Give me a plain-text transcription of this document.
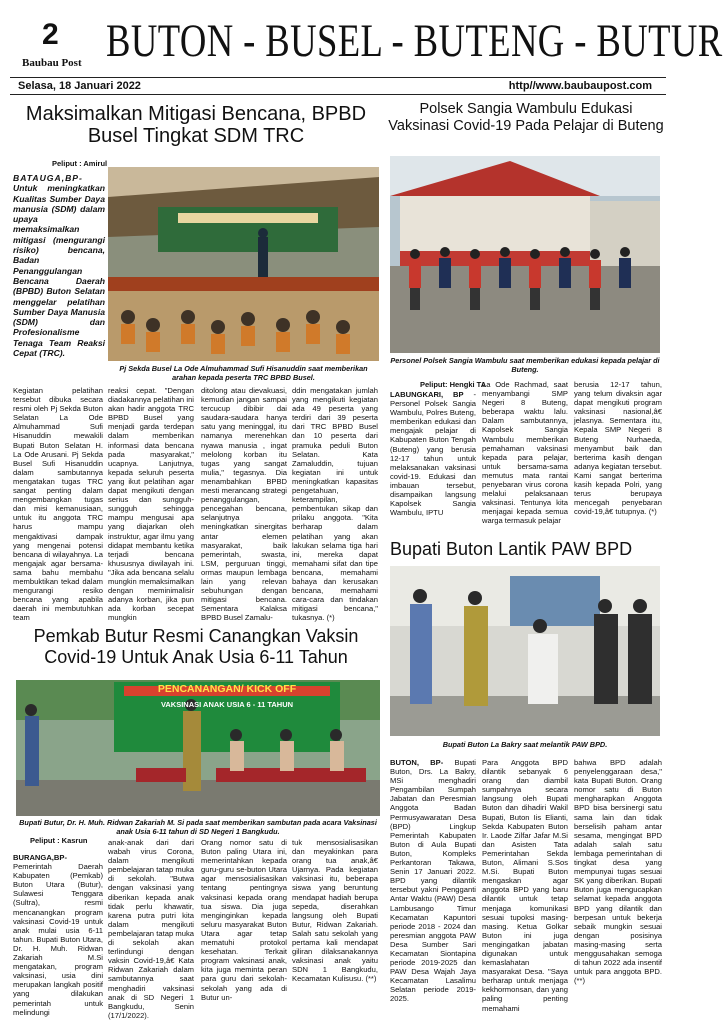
2
Baubau Post BUTON - BUSEL - BUTENG - BUTUR
Selasa, 18 Januari 2022	http//www.baubaupost.com
Maksimalkan Mitigasi Bencana, BPBD Busel Tingkat SDM TRC
Peliput : Amirul
BATAUGA,BP- Untuk meningkatkan Kualitas Sumber Daya manusia (SDM) dalam upaya memaksimalkan mitigasi (mengurangi risiko) bencana, Badan Penanggulangan Bencana Daerah (BPBD) Buton Selatan menggelar pelatihan Sumber Daya Manusia (SDM) dan Profesionalisme Tenaga Team Reaksi Cepat (TRC).
Pj Sekda Busel La Ode Almuhammad Sufi Hisanuddin saat memberikan arahan kepada peserta TRC BPBD Busel.
Kegiatan pelatihan tersebut dibuka secara resmi oleh Pj Sekda Buton Selatan La Ode Almuhammad Sufi Hisanuddin mewakili Bupati Buton Selatan H. La Ode Arusani. Pj Sekda Busel Sufi Hisanuddin dalam sambutannya mengatakan tugas TRC sangat penting dalam mengembangkan tugas dan misi kemanusiaan, untuk itu anggota TRC harus mampu mengaktivasi dampak yang mengenai potensi bencana di wilayahnya. La mengajak agar bersama-sama bahu membahu membuktikan tekad dalam mengurangi resiko bencana yang apabila daerah ini membutuhkan team
reaksi cepat. "Dengan diadakannya pelatihan ini akan hadir anggota TRC BPBD Busel yang menjadi garda terdepan dalam memberikan informasi data bencana pada masyarakat," ucapnya. Lanjutnya, kepada seluruh peserta yang ikut pelatihan agar dapat mengikuti dengan serius dan sungguh-sungguh sehingga mampu mengusai apa yang diajarkan oleh instruktur, agar ilmu yang didapat membantu ketika terjadi bencana khususnya diwilayah ini. "Jika ada bencana selalu mungkin memaksimalkan dengan meminimalisir adanya korban, jika pun ada korban secepat mungkin
ditolong atau dievakuasi, kemudian jangan sampai tercucup dibibir dai saudara-saudara hanya satu yang meninggal, itu namanya merenehkan nyawa manusia , ingat melolong korban itu tugas yang sangat mulia," tegasnya. Dia menambahkan BPBD mesti merancang strategi penanggulangan, pencegahan bencana, selanjutnya meningkatkan sinergitas antar elemen masyarakat, baik pemerintah, swasta, LSM, perguruan tinggi, ormas maupun lembaga lain yang relevan sebuhungan dengan mitigasi bencana. Sementara Kalaksa BPBD Busel Zamalu-
ddin mengatakan jumlah yang mengikuti kegiatan ada 49 peserta yang terdiri dari 39 peserta dari TRC BPBD Busel dan 10 peserta dari pramuka peduli Buton Selatan. Kata Zamaluddin, tujuan kegiatan ini untuk meningkatkan kapasitas pengetahuan, keterampilan, pembentukan sikap dan prilaku anggota. "Kita berharap dalam pelatihan yang akan lakukan selama tiga hari ini, mereka dapat memahami sifat dan tipe bencana, memahami bahaya dan kerusakan bencana, memahami cara-cara dan tindakan mitigasi bencana," tukasnya. (*)
Polsek Sangia Wambulu Edukasi Vaksinasi Covid-19 Pada Pelajar di Buteng
Personel Polsek Sangia Wambulu saat memberikan edukasi kepada pelajar di Buteng.
Peliput: Hengki TA
LABUNGKARI, BP - Personel Polsek Sangia Wambulu, Polres Buteng, memberikan edukasi dan mengajak pelajar di Kabupaten Buton Tengah (Buteng) yang berusia 12-17 tahun untuk melaksanakan vaksinasi covid-19. Edukasi dan imbauan tersebut, disampaikan langsung Kapolsek Sangia Wambulu, IPTU
La Ode Rachmad, saat menyambangi SMP Negeri 8 Buteng, beberapa waktu lalu. Dalam sambutannya, Kapolsek Sangia Wambulu memberikan pemahaman vaksinasi kepada para pelajar, untuk bersama-sama memutus mata rantai penyebaran virus corona melalui pelaksanaan vaksinasi. Tentunya kita menjagai kepada semua warga termasuk pelajar
berusia 12-17 tahun, yang telum divaksin agar dapat mengikuti program vaksinasi nasional,â€ jelasnya. Sementara itu, Kepala SMP Negeri 8 Buteng Nurhaeda, menyambut baik dan berterima kasih dengan adanya kegiatan tersebut. Kami sangat berterima kasih kepada Polri, yang terus berupaya mencegah penyebaran covid-19,â€ tutupnya. (*)
Bupati Buton Lantik PAW BPD
Bupati Buton La Bakry saat melantik PAW BPD.
BUTON, BP- Bupati Buton, Drs. La Bakry, MSi menghadiri Pengambilan Sumpah Jabatan dan Peresmian Anggota Badan Permusyawaratan Desa (BPD) Lingkup Pemerintah Kabupaten Buton di Aula Bupati Buton, Kompleks Perkantoran Takawa, Senin 17 Januari 2022. BPD yang dilantik tersebut yakni Pengganti Antar Waktu (PAW) Desa Lambusango Timur Kecamatan Kapuntori periode 2018 - 2024 dan peresmian anggota PAW Desa Sumber Sari Kecamatan Siontapina periode 2019-2025 dan PAW Desa Wajah Jaya Kecamatan Lasalimu Selatan periode 2019-2025.
Para Anggota BPD dilantik sebanyak 6 orang dan diambil sumpahnya secara langsung oleh Bupati Buton dan dihadiri Wakil Bupati, Buton Iis Elianti, Sekda Kabupaten Buton Ir. Laode Zilfar Jafar M.Si dan Asisten Tata Pemerintahan Sekda Buton, Alimani S.Sos M.Si. Bupati Buton mengaskan agar anggota BPD yang baru dilantik untuk tetap menjaga komunikasi sesuai tupoksi masing-masing. Ketua Golkar Buton ini juga mengingatkan jabatan digunakan untuk kemaslahatan masyarakat Desa. "Saya berharap untuk menjaga kekhormonsan, dan yang paling penting memahami
bahwa BPD adalah penyelenggaraan desa," kata Bupati Buton. Orang nomor satu di Buton mengharapkan Anggota BPD bisa bersinergi satu sama lain dan tidak berselisih paham antar sesama, mengingat BPD adalah salah satu lembaga pemerintahan di tingkat desa yang mempunyai tugas sesuai SK yang diberikan. Bupati Buton juga mengucapkan selamat kepada anggota BPD yang dilantik dan berpesan untuk bekerja sebaik mungkin sesuai dengan posisinya masing-masing serta menggusahakan semoga di tahun 2022 ada insentif untuk para anggota BPD. (**)
Pemkab Butur Resmi Canangkan Vaksin Covid-19 Untuk Anak Usia 6-11 Tahun
PENCANANGAN/ KICK OFF
VAKSINASI ANAK USIA 6 - 11 TAHUN
Bupati Butur, Dr. H. Muh. Ridwan Zakariah M. Si pada saat memberikan sambutan pada acara Vaksinasi anak Usia 6-11 tahun di SD Negeri 1 Bangkudu.
Peliput : Kasrun
BURANGA,BP- Pemerintah Daerah Kabupaten (Pemkab) Buton Utara (Butur), Sulawesi Tenggara (Sultra), resmi mencanangkan program vaksinasi Covid-19 untuk anak mulai usia 6-11 tahun. Bupati Buton Utara, Dr. H. Muh. Ridwan Zakariah M.Si mengatakan, program vaksinasi, usia dini merupakan langkah positif yang dilakukan pemerintah untuk melindungi
anak-anak dari dari wabah virus Corona, dalam mengikuti pembelajaran tatap muka di sekolah. "Butwa dengan vaksinasi yang diberikan kepada anak tidak perlu khawatir, karena putra putri kita dalam mengikuti pembelajaran tatap muka di sekolah akan terlindungi dengan vaksin Covid-19,â€ Kata Ridwan Zakariah dalam sambutannya saat menghadiri vaksinasi anak di SD Negeri 1 Bangkudu, Senin (17/1/2022).
Orang nomor satu di Buton paling Utara ini, memerintahkan kepada guru-guru se-buton Utara agar mensosialisasikan tentang pentingnya vaksinasi kepada orang tua siswa. Dia juga menginginkan kepada seluru masyarakat Buton Utara agar tetap mematuhi protokol kesehatan. Terkait program vaksinasi anak, kita juga meminta peran para guru dari sekolah-sekolah yang ada di Butur un-
tuk mensosialisasikan dan meyakinkan para orang tua anak,â€ Ujarnya. Pada kegiatan vaksinasi itu, beberapa siswa yang beruntung mendapat hadiah berupa sepeda, diserahkan langsung oleh Bupati Butur, Ridwan Zakariah. Salah satu sekolah yang pertama kali mendapat giliran dilaksanakannya vaksinasi anak yaitu SDN 1 Bangkudu, Kecamatan Kulisusu. (**)
